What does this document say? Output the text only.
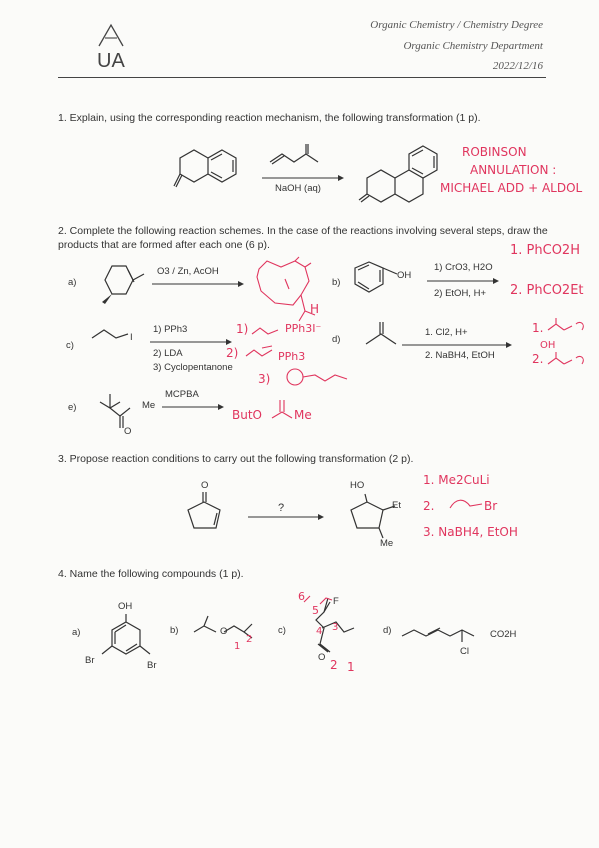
UA
Organic Chemistry / Chemistry Degree
Organic Chemistry Department
2022/12/16
1. Explain, using the corresponding reaction mechanism, the following transformation (1 p).
NaOH (aq)
ROBINSON
ANNULATION :
MICHAEL ADD + ALDOL
2. Complete the following reaction schemes. In the case of the reactions involving several steps, draw the products that are formed after each one (6 p).	1. PhCO2H
a)
O3 / Zn, AcOH
H
b)
OH
1) CrO3, H2O
2) EtOH, H+ 2. PhCO2Et
c)
I
1) PPh3
2) LDA
3) Cyclopentanone
1)	PPh3I⁻
2)	PPh3
3)
d)
1. Cl2, H+
2. NaBH4, EtOH
1.
OH
2.
e)	Me
O
MCPBA
ButO	Me
3. Propose reaction conditions to carry out the following transformation (2 p).
O
?
HO
Et
Me
1. Me2CuLi
2.	Br
3. NaBH4, EtOH
4. Name the following compounds (1 p).
a)
OH
Br	Br
b)	O
1
2
c)
F
O
6
5
4 3
2 1
d)
Cl
CO2H
